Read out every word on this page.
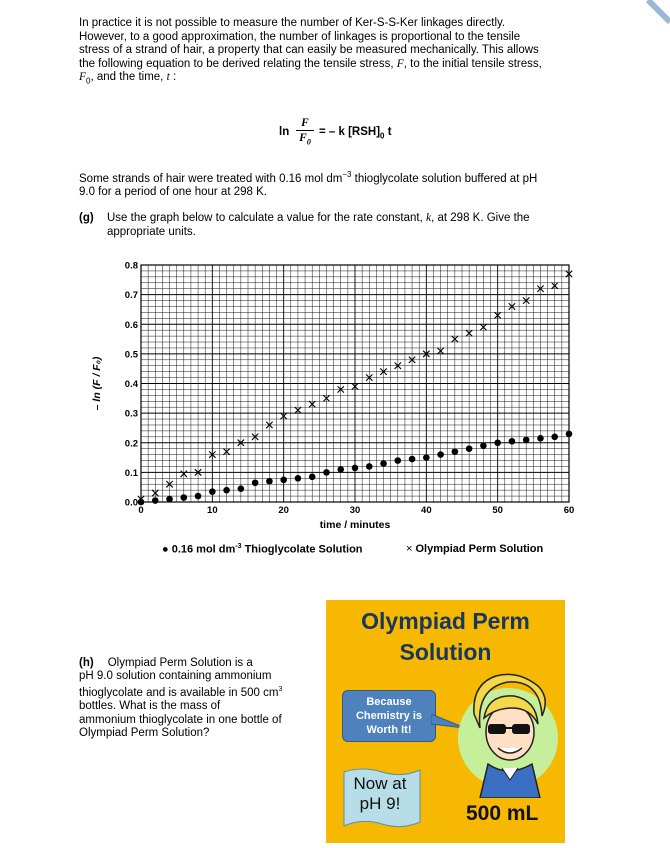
In practice it is not possible to measure the number of Ker-S-S-Ker linkages directly.
However, to a good approximation, the number of linkages is proportional to the tensile
stress of a strand of hair, a property that can easily be measured mechanically. This allows
the following equation to be derived relating the tensile stress, F, to the initial tensile stress,
$F_0$, and the time, t :
ln
F
$F_0$
= – k $[RSH]_0$ t
Some strands of hair were treated with 0.16 mol $dm^{-3}$ thioglycolate solution buffered at pH
9.0 for a period of one hour at 298 K.
(g) Use the graph below to calculate a value for the rate constant, k, at 298 K. Give the
appropriate units.
0.0
0.1
0.2
0.3
0.4
0.5
0.6
0.7
0.8
0	10	20	30	40	50	60
time / minutes
– ln (F / F₀)
● 0.16 mol $dm^{-3}$ Thioglycolate Solution	× Olympiad Perm Solution
(h) Olympiad Perm Solution is a
pH 9.0 solution containing ammonium
thioglycolate and is available in 500 $cm^3$
bottles. What is the mass of
ammonium thioglycolate in one bottle of
Olympiad Perm Solution?
Olympiad Perm
Solution
Because
Chemistry is
Worth It!
Now at
pH 9!	500 mL
